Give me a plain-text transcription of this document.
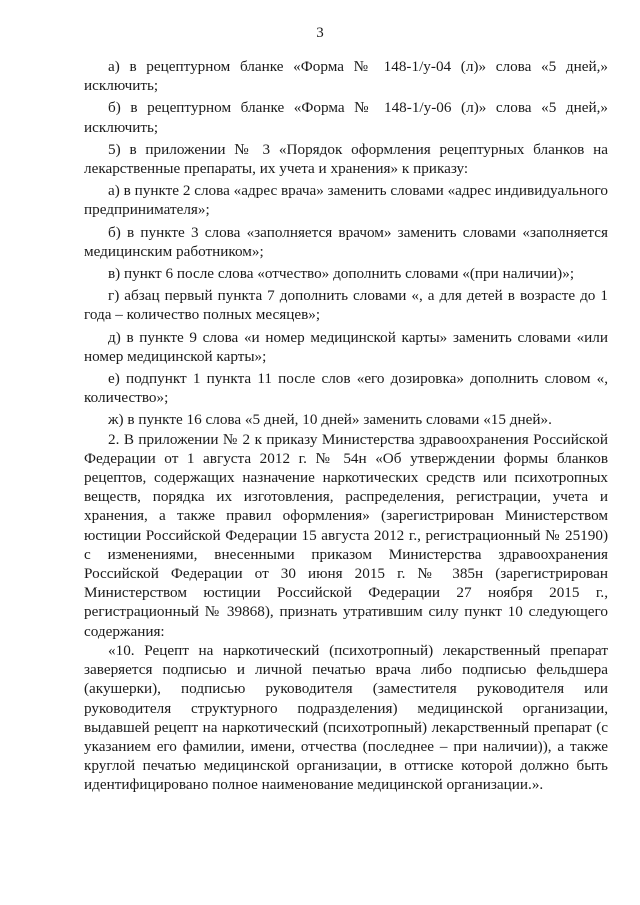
3

а) в рецептурном бланке «Форма № 148-1/у-04 (л)» слова «5 дней,» исключить;

б) в рецептурном бланке «Форма № 148-1/у-06 (л)» слова «5 дней,» исключить;

5) в приложении № 3 «Порядок оформления рецептурных бланков на лекарственные препараты, их учета и хранения» к приказу:

а) в пункте 2 слова «адрес врача» заменить словами «адрес индивидуального предпринимателя»;

б) в пункте 3 слова «заполняется врачом» заменить словами «заполняется медицинским работником»;

в) пункт 6 после слова «отчество» дополнить словами «(при наличии)»;

г) абзац первый пункта 7 дополнить словами «, а для детей в возрасте до 1 года – количество полных месяцев»;

д) в пункте 9 слова «и номер медицинской карты» заменить словами «или номер медицинской карты»;

е) подпункт 1 пункта 11 после слов «его дозировка» дополнить словом «, количество»;

ж) в пункте 16 слова «5 дней, 10 дней» заменить словами «15 дней».

2. В приложении № 2 к приказу Министерства здравоохранения Российской Федерации от 1 августа 2012 г. № 54н «Об утверждении формы бланков рецептов, содержащих назначение наркотических средств или психотропных веществ, порядка их изготовления, распределения, регистрации, учета и хранения, а также правил оформления» (зарегистрирован Министерством юстиции Российской Федерации 15 августа 2012 г., регистрационный № 25190) с изменениями, внесенными приказом Министерства здравоохранения Российской Федерации от 30 июня 2015 г. № 385н (зарегистрирован Министерством юстиции Российской Федерации 27 ноября 2015 г., регистрационный № 39868), признать утратившим силу пункт 10 следующего содержания:

«10. Рецепт на наркотический (психотропный) лекарственный препарат заверяется подписью и личной печатью врача либо подписью фельдшера (акушерки), подписью руководителя (заместителя руководителя или руководителя структурного подразделения) медицинской организации, выдавшей рецепт на наркотический (психотропный) лекарственный препарат (с указанием его фамилии, имени, отчества (последнее – при наличии)), а также круглой печатью медицинской организации, в оттиске которой должно быть идентифицировано полное наименование медицинской организации.».
